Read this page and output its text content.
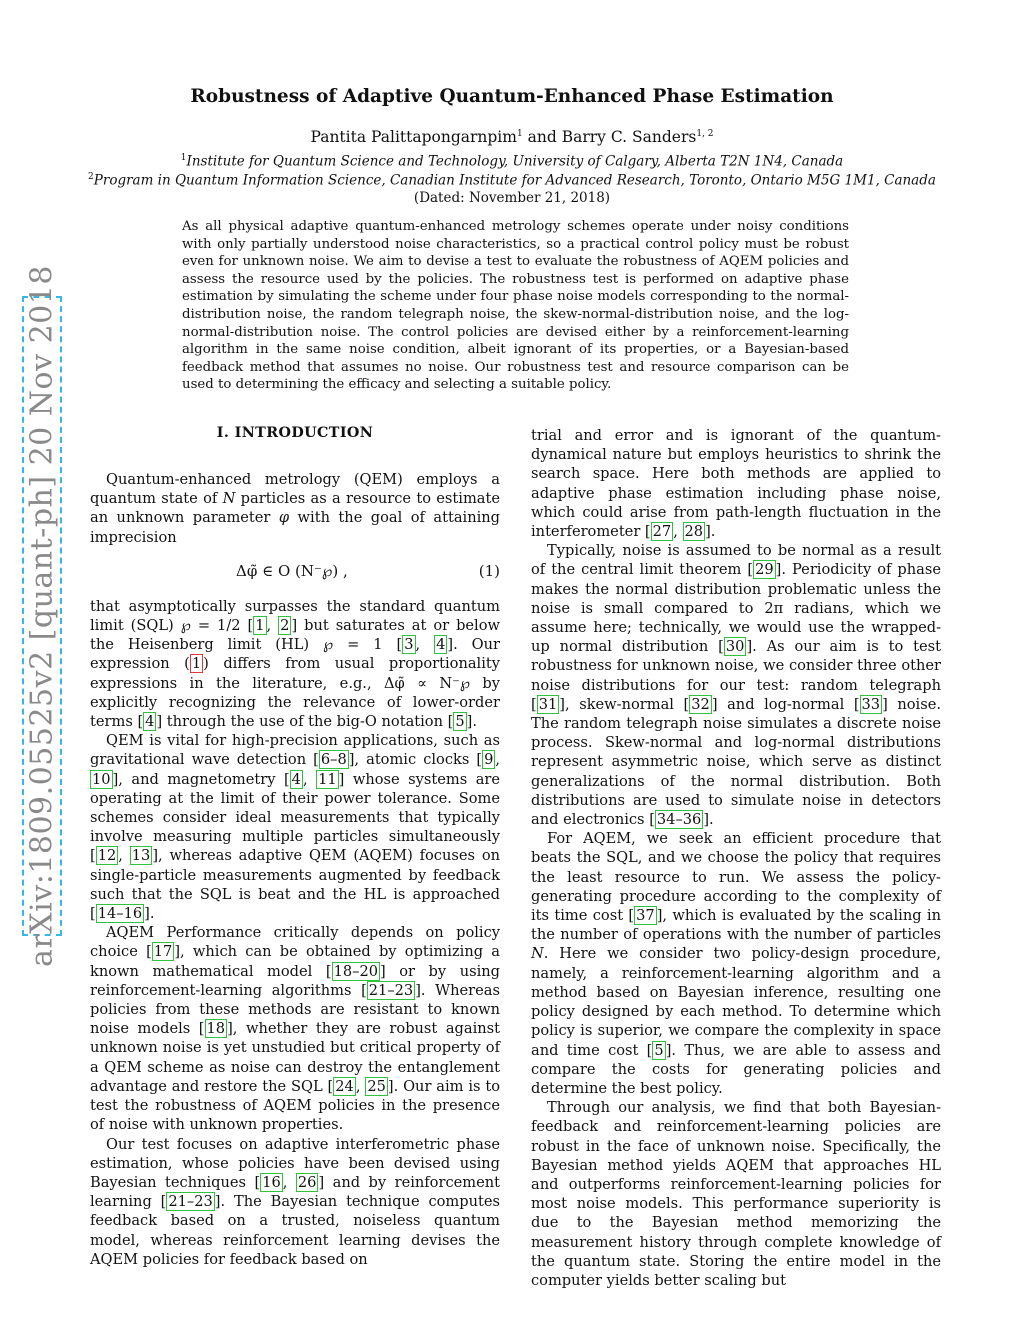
arXiv:1809.05525v2 [quant-ph] 20 Nov 2018
Robustness of Adaptive Quantum-Enhanced Phase Estimation
Pantita Palittapongarnpim$^1$ and Barry C. Sanders$^{1, 2}$
$^1$Institute for Quantum Science and Technology, University of Calgary, Alberta T2N 1N4, Canada
$^2$Program in Quantum Information Science, Canadian Institute for Advanced Research, Toronto, Ontario M5G 1M1, Canada
(Dated: November 21, 2018)

As all physical adaptive quantum-enhanced metrology schemes operate under noisy conditions with only partially understood noise characteristics, so a practical control policy must be robust even for unknown noise. We aim to devise a test to evaluate the robustness of AQEM policies and assess the resource used by the policies. The robustness test is performed on adaptive phase estimation by simulating the scheme under four phase noise models corresponding to the normal-distribution noise, the random telegraph noise, the skew-normal-distribution noise, and the log-normal-distribution noise. The control policies are devised either by a reinforcement-learning algorithm in the same noise condition, albeit ignorant of its properties, or a Bayesian-based feedback method that assumes no noise. Our robustness test and resource comparison can be used to determining the efficacy and selecting a suitable policy.

I. INTRODUCTION

Quantum-enhanced metrology (QEM) employs a quantum state of N particles as a resource to estimate an unknown parameter φ with the goal of attaining imprecision

Δφ̃ ∈ O (N⁻℘) ,	(1)

that asymptotically surpasses the standard quantum limit (SQL) ℘ = 1/2 [ 1 , 2 ] but saturates at or below the Heisenberg limit (HL) ℘ = 1 [ 3 , 4 ]. Our expression ( 1 ) differs from usual proportionality expressions in the literature, e.g., Δφ̃ ∝ N⁻℘ by explicitly recognizing the relevance of lower-order terms [ 4 ] through the use of the big-O notation [ 5 ].

QEM is vital for high-precision applications, such as gravitational wave detection [ 6–8 ], atomic clocks [ 9 , 10 ], and magnetometry [ 4 , 11 ] whose systems are operating at the limit of their power tolerance. Some schemes consider ideal measurements that typically involve measuring multiple particles simultaneously [ 12 , 13 ], whereas adaptive QEM (AQEM) focuses on single-particle measurements augmented by feedback such that the SQL is beat and the HL is approached [ 14–16 ].

AQEM Performance critically depends on policy choice [ 17 ], which can be obtained by optimizing a known mathematical model [ 18–20 ] or by using reinforcement-learning algorithms [ 21–23 ]. Whereas policies from these methods are resistant to known noise models [ 18 ], whether they are robust against unknown noise is yet unstudied but critical property of a QEM scheme as noise can destroy the entanglement advantage and restore the SQL [ 24 , 25 ]. Our aim is to test the robustness of AQEM policies in the presence of noise with unknown properties.

Our test focuses on adaptive interferometric phase estimation, whose policies have been devised using Bayesian techniques [ 16 , 26 ] and by reinforcement learning [ 21–23 ]. The Bayesian technique computes feedback based on a trusted, noiseless quantum model, whereas reinforcement learning devises the AQEM policies for feedback based on

trial and error and is ignorant of the quantum-dynamical nature but employs heuristics to shrink the search space. Here both methods are applied to adaptive phase estimation including phase noise, which could arise from path-length fluctuation in the interferometer [ 27 , 28 ].

Typically, noise is assumed to be normal as a result of the central limit theorem [ 29 ]. Periodicity of phase makes the normal distribution problematic unless the noise is small compared to 2π radians, which we assume here; technically, we would use the wrapped-up normal distribution [ 30 ]. As our aim is to test robustness for unknown noise, we consider three other noise distributions for our test: random telegraph [ 31 ], skew-normal [ 32 ] and log-normal [ 33 ] noise. The random telegraph noise simulates a discrete noise process. Skew-normal and log-normal distributions represent asymmetric noise, which serve as distinct generalizations of the normal distribution. Both distributions are used to simulate noise in detectors and electronics [ 34–36 ].

For AQEM, we seek an efficient procedure that beats the SQL, and we choose the policy that requires the least resource to run. We assess the policy-generating procedure according to the complexity of its time cost [ 37 ], which is evaluated by the scaling in the number of operations with the number of particles N. Here we consider two policy-design procedure, namely, a reinforcement-learning algorithm and a method based on Bayesian inference, resulting one policy designed by each method. To determine which policy is superior, we compare the complexity in space and time cost [ 5 ]. Thus, we are able to assess and compare the costs for generating policies and determine the best policy.

Through our analysis, we find that both Bayesian-feedback and reinforcement-learning policies are robust in the face of unknown noise. Specifically, the Bayesian method yields AQEM that approaches HL and outperforms reinforcement-learning policies for most noise models. This performance superiority is due to the Bayesian method memorizing the measurement history through complete knowledge of the quantum state. Storing the entire model in the computer yields better scaling but
